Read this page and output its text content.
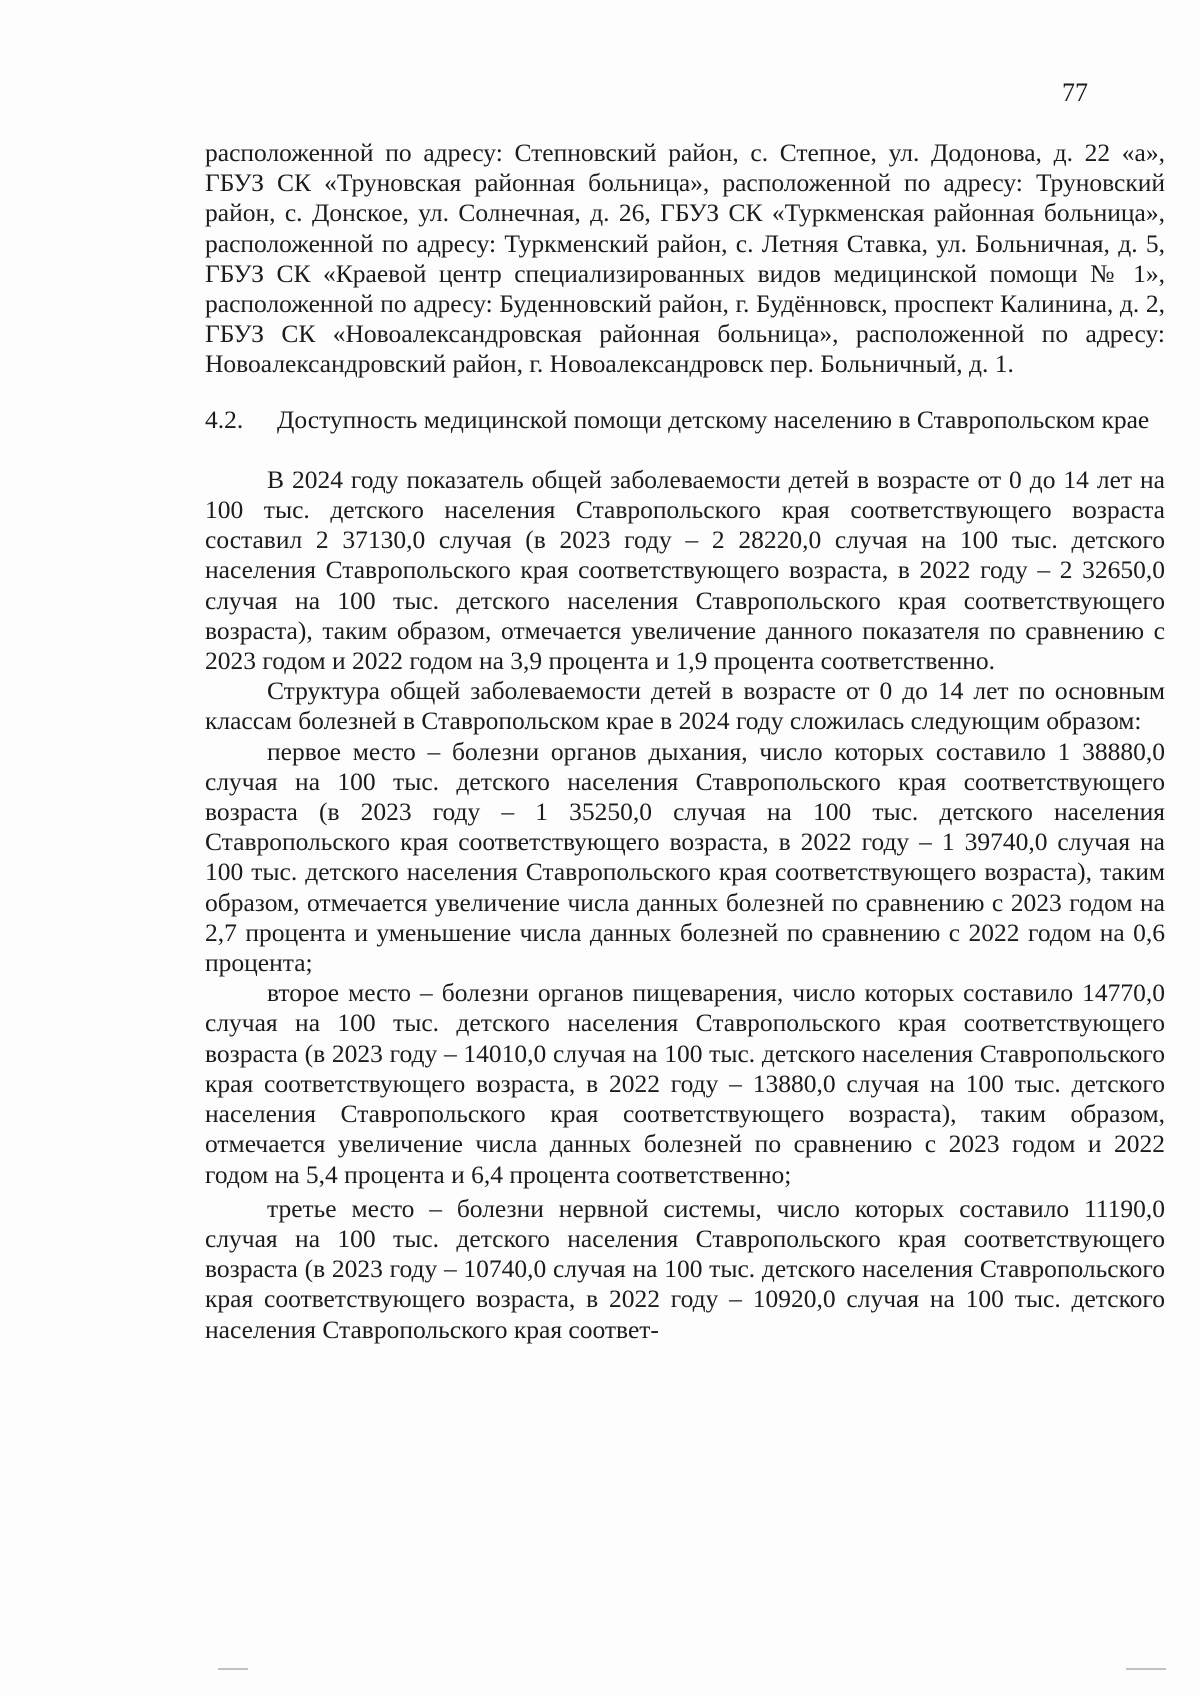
77

расположенной по адресу: Степновский район, с. Степное, ул. Додонова, д. 22 «а», ГБУЗ СК «Труновская районная больница», расположенной по адресу: Труновский район, с. Донское, ул. Солнечная, д. 26, ГБУЗ СК «Туркменская районная больница», расположенной по адресу: Туркменский район, с. Летняя Ставка, ул. Больничная, д. 5, ГБУЗ СК «Краевой центр специализированных видов медицинской помощи № 1», расположенной по адресу: Буденновский район, г. Будённовск, проспект Калинина, д. 2, ГБУЗ СК «Новоалександровская районная больница», расположенной по адресу: Новоалександровский район, г. Новоалександровск пер. Больничный, д. 1.

4.2.	Доступность медицинской помощи детскому населению в Ставропольском крае

В 2024 году показатель общей заболеваемости детей в возрасте от 0 до 14 лет на 100 тыс. детского населения Ставропольского края соответствующего возраста составил 2 37130,0 случая (в 2023 году – 2 28220,0 случая на 100 тыс. детского населения Ставропольского края соответствующего возраста, в 2022 году – 2 32650,0 случая на 100 тыс. детского населения Ставропольского края соответствующего возраста), таким образом, отмечается увеличение данного показателя по сравнению с 2023 годом и 2022 годом на 3,9 процента и 1,9 процента соответственно.

Структура общей заболеваемости детей в возрасте от 0 до 14 лет по основным классам болезней в Ставропольском крае в 2024 году сложилась следующим образом:

первое место – болезни органов дыхания, число которых составило 1 38880,0 случая на 100 тыс. детского населения Ставропольского края соответствующего возраста (в 2023 году – 1 35250,0 случая на 100 тыс. детского населения Ставропольского края соответствующего возраста, в 2022 году – 1 39740,0 случая на 100 тыс. детского населения Ставропольского края соответствующего возраста), таким образом, отмечается увеличение числа данных болезней по сравнению с 2023 годом на 2,7 процента и уменьшение числа данных болезней по сравнению с 2022 годом на 0,6 процента;

второе место – болезни органов пищеварения, число которых составило 14770,0 случая на 100 тыс. детского населения Ставропольского края соответствующего возраста (в 2023 году – 14010,0 случая на 100 тыс. детского населения Ставропольского края соответствующего возраста, в 2022 году – 13880,0 случая на 100 тыс. детского населения Ставропольского края соответствующего возраста), таким образом, отмечается увеличение числа данных болезней по сравнению с 2023 годом и 2022 годом на 5,4 процента и 6,4 процента соответственно;

третье место – болезни нервной системы, число которых составило 11190,0 случая на 100 тыс. детского населения Ставропольского края соответствующего возраста (в 2023 году – 10740,0 случая на 100 тыс. детского населения Ставропольского края соответствующего возраста, в 2022 году – 10920,0 случая на 100 тыс. детского населения Ставропольского края соответ-
